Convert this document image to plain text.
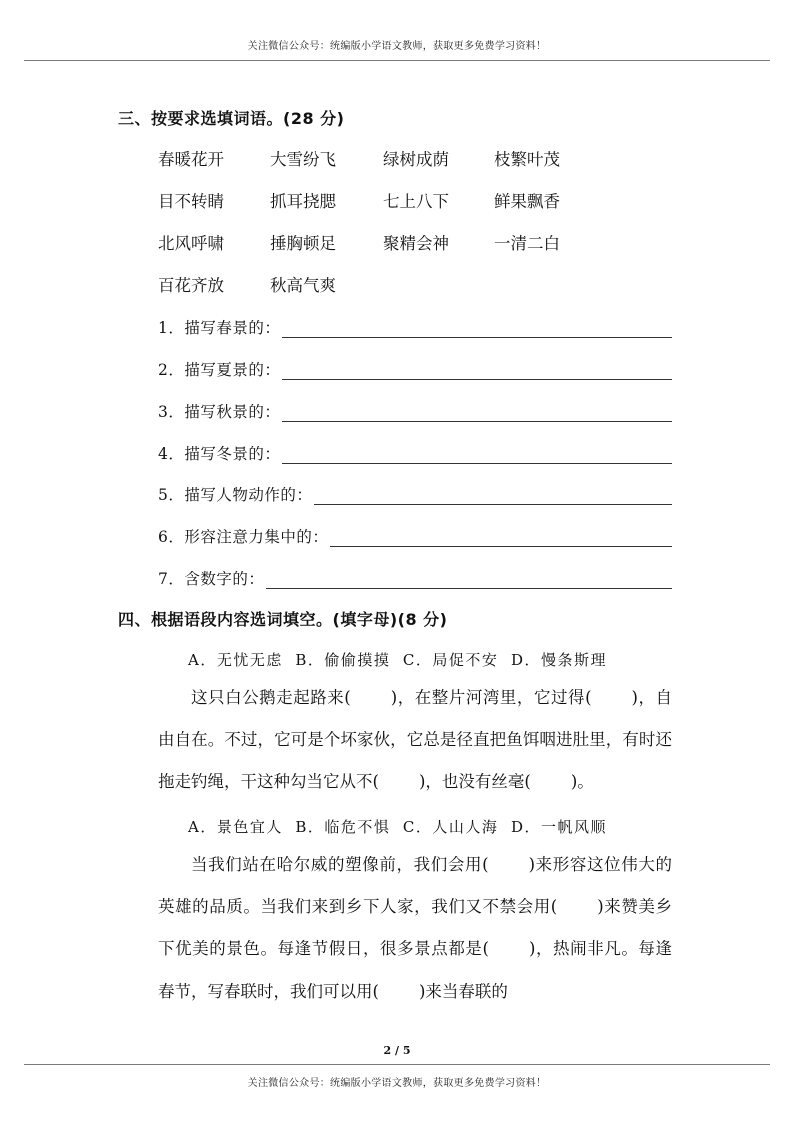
关注微信公众号：统编版小学语文教师，获取更多免费学习资料！
三、按要求选填词语。(28 分)
春暖花开	大雪纷飞	绿树成荫	枝繁叶茂
目不转睛	抓耳挠腮	七上八下	鲜果飘香
北风呼啸	捶胸顿足	聚精会神	一清二白
百花齐放	秋高气爽
1．描写春景的：
2．描写夏景的：
3．描写秋景的：
4．描写冬景的：
5．描写人物动作的：
6．形容注意力集中的：
7．含数字的：
四、根据语段内容选词填空。(填字母)(8 分)
A．无忧无虑  B．偷偷摸摸  C．局促不安  D．慢条斯理

这只白公鹅走起路来( )，在整片河湾里，它过得( )，自由自在。不过，它可是个坏家伙，它总是径直把鱼饵咽进肚里，有时还拖走钓绳，干这种勾当它从不( )，也没有丝毫( )。

A．景色宜人  B．临危不惧  C．人山人海  D．一帆风顺

当我们站在哈尔威的塑像前，我们会用( )来形容这位伟大的英雄的品质。当我们来到乡下人家，我们又不禁会用( )来赞美乡下优美的景色。每逢节假日，很多景点都是( )，热闹非凡。每逢春节，写春联时，我们可以用( )来当春联的

2 / 5
关注微信公众号：统编版小学语文教师，获取更多免费学习资料！
